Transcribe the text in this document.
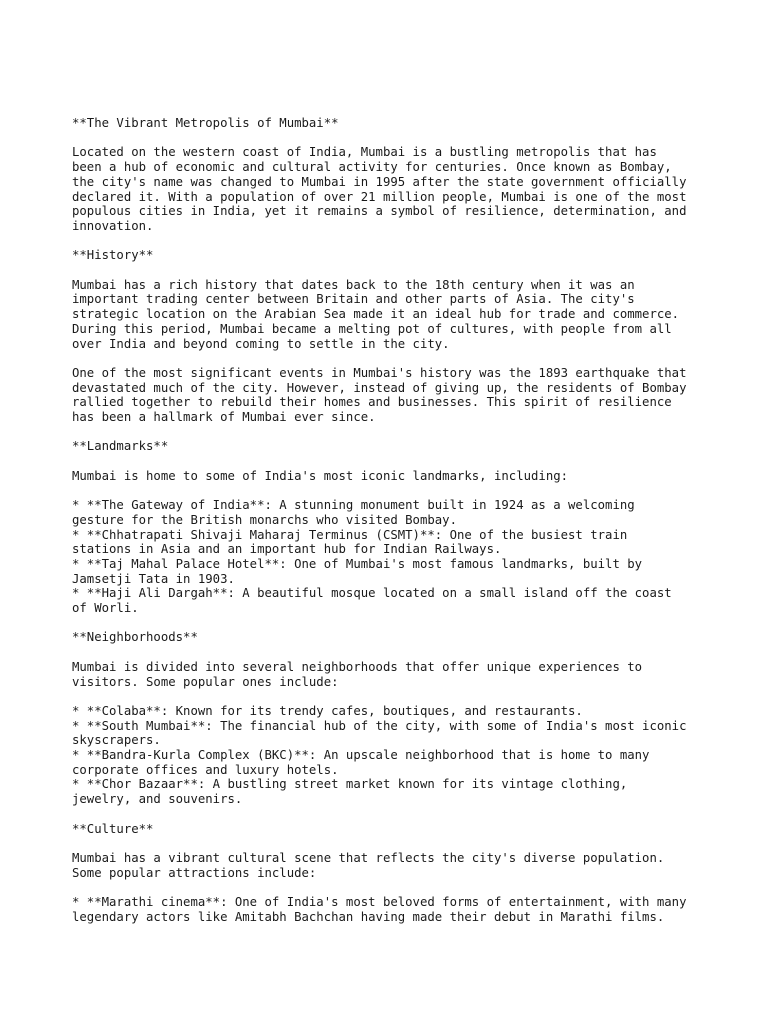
**The Vibrant Metropolis of Mumbai**

Located on the western coast of India, Mumbai is a bustling metropolis that has
been a hub of economic and cultural activity for centuries. Once known as Bombay,
the city's name was changed to Mumbai in 1995 after the state government officially
declared it. With a population of over 21 million people, Mumbai is one of the most
populous cities in India, yet it remains a symbol of resilience, determination, and
innovation.

**History**

Mumbai has a rich history that dates back to the 18th century when it was an
important trading center between Britain and other parts of Asia. The city's
strategic location on the Arabian Sea made it an ideal hub for trade and commerce.
During this period, Mumbai became a melting pot of cultures, with people from all
over India and beyond coming to settle in the city.

One of the most significant events in Mumbai's history was the 1893 earthquake that
devastated much of the city. However, instead of giving up, the residents of Bombay
rallied together to rebuild their homes and businesses. This spirit of resilience
has been a hallmark of Mumbai ever since.

**Landmarks**

Mumbai is home to some of India's most iconic landmarks, including:

* **The Gateway of India**: A stunning monument built in 1924 as a welcoming
gesture for the British monarchs who visited Bombay.
* **Chhatrapati Shivaji Maharaj Terminus (CSMT)**: One of the busiest train
stations in Asia and an important hub for Indian Railways.
* **Taj Mahal Palace Hotel**: One of Mumbai's most famous landmarks, built by
Jamsetji Tata in 1903.
* **Haji Ali Dargah**: A beautiful mosque located on a small island off the coast
of Worli.

**Neighborhoods**

Mumbai is divided into several neighborhoods that offer unique experiences to
visitors. Some popular ones include:

* **Colaba**: Known for its trendy cafes, boutiques, and restaurants.
* **South Mumbai**: The financial hub of the city, with some of India's most iconic
skyscrapers.
* **Bandra-Kurla Complex (BKC)**: An upscale neighborhood that is home to many
corporate offices and luxury hotels.
* **Chor Bazaar**: A bustling street market known for its vintage clothing,
jewelry, and souvenirs.

**Culture**

Mumbai has a vibrant cultural scene that reflects the city's diverse population.
Some popular attractions include:

* **Marathi cinema**: One of India's most beloved forms of entertainment, with many
legendary actors like Amitabh Bachchan having made their debut in Marathi films.
